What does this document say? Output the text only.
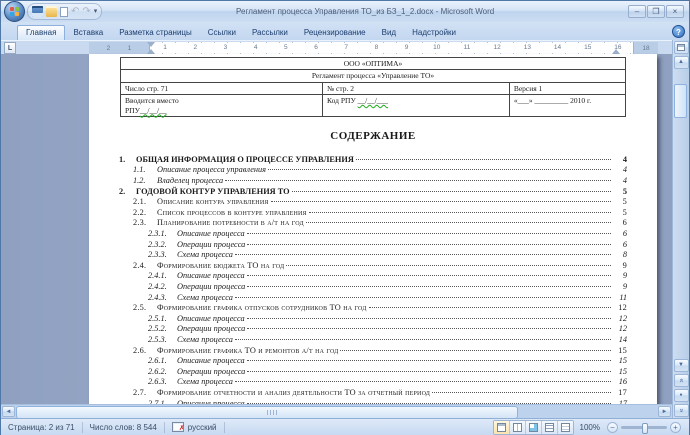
↶ ↷ ▾	Регламент процесса Управления ТО_из БЗ_1_2.docx - Microsoft Word	–	❐	×
Главная	Вставка	Разметка страницы	Ссылки	Рассылки	Рецензирование	Вид	Надстройки	?
L	2	1	1	2	3	4	5	6	7	8	9	10	11	12	13	14	15	16	18
ООО «ОПТИМА»		
Регламент процесса «Управление ТО»		
Число стр. 71	№ стр. 2	Версия 1
Вводится вместо
РПУ__/__/__	Код РПУ __/__/___	«___» _________ 2010 г.
СОДЕРЖАНИЕ
1.	ОБЩАЯ ИНФОРМАЦИЯ О ПРОЦЕССЕ УПРАВЛЕНИЯ	4
1.1.	Описание процесса управления	4
1.2.	Владелец процесса	4
2.	ГОДОВОЙ КОНТУР УПРАВЛЕНИЯ ТО	5
2.1.	Описание контура управления	5
2.2.	Список процессов в контуре управления	5
2.3.	Планирование потребности в а/т на год	6
2.3.1.	Описание процесса	6
2.3.2.	Операции процесса	6
2.3.3.	Схема процесса	8
2.4.	Формирование бюджета ТО на год	9
2.4.1.	Описание процесса	9
2.4.2.	Операции процесса	9
2.4.3.	Схема процесса	11
2.5.	Формирование графика отпусков сотрудников ТО на год	12
2.5.1.	Описание процесса	12
2.5.2.	Операции процесса	12
2.5.3.	Схема процесса	14
2.6.	Формирование графика ТО и ремонтов а/т на год	15
2.6.1.	Описание процесса	15
2.6.2.	Операции процесса	15
2.6.3.	Схема процесса	16
2.7.	Формирование отчетности и анализ деятельности ТО за отчетный период	17
▲
▼
«
●
»
◄	►
Страница: 2 из 71	Число слов: 8 544 ✗	русский	100%	−	+
